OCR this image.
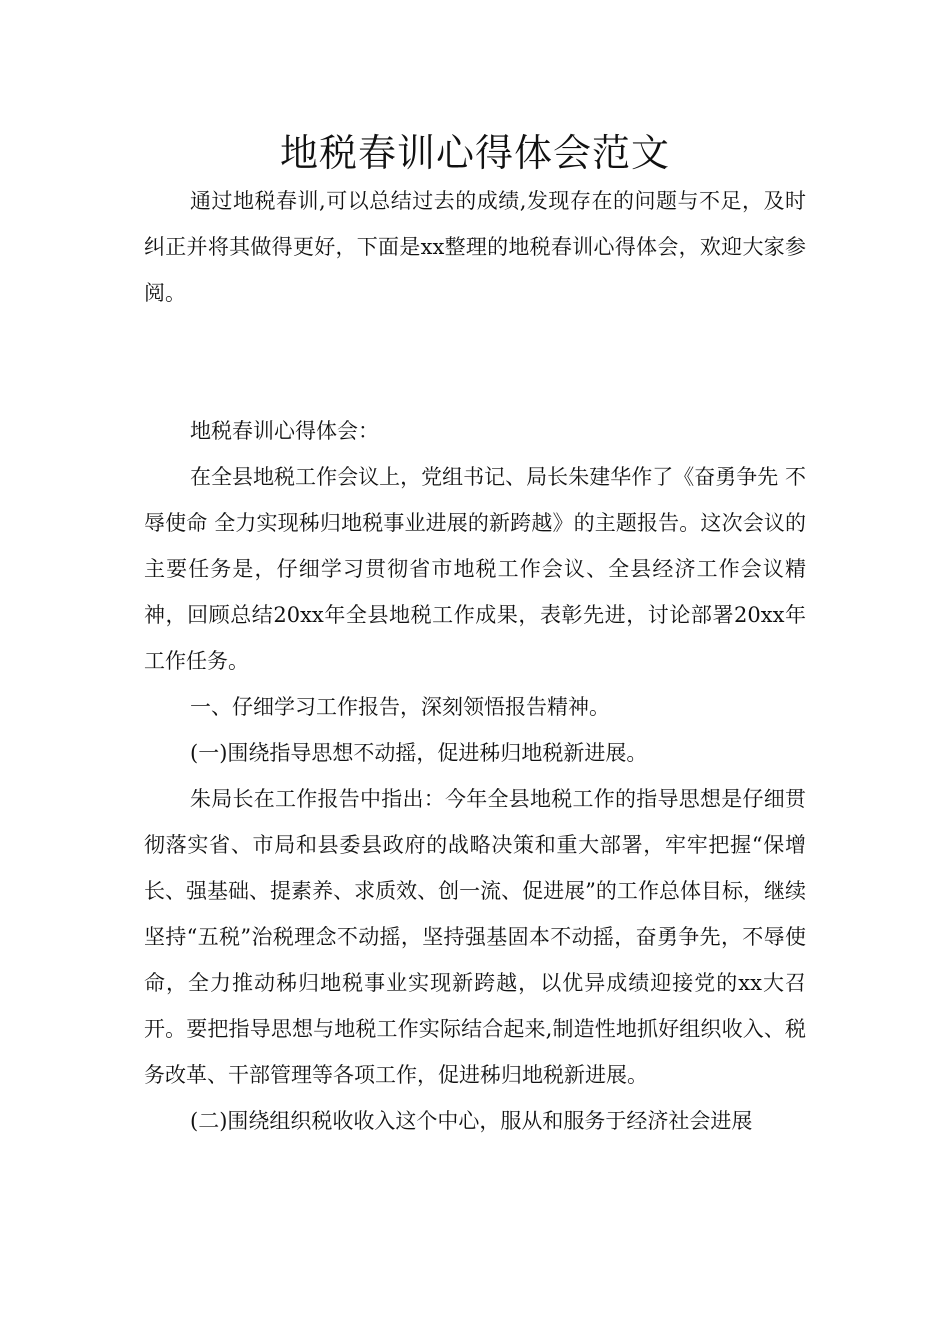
地税春训心得体会范文

通过地税春训,可以总结过去的成绩,发现存在的问题与不足，及时纠正并将其做得更好，下面是xx整理的地税春训心得体会，欢迎大家参阅。

地税春训心得体会：

在全县地税工作会议上，党组书记、局长朱建华作了《奋勇争先 不辱使命 全力实现秭归地税事业进展的新跨越》的主题报告。这次会议的主要任务是，仔细学习贯彻省市地税工作会议、全县经济工作会议精神，回顾总结20xx年全县地税工作成果，表彰先进，讨论部署20xx年工作任务。

一、仔细学习工作报告，深刻领悟报告精神。

(一)围绕指导思想不动摇，促进秭归地税新进展。

朱局长在工作报告中指出：今年全县地税工作的指导思想是仔细贯彻落实省、市局和县委县政府的战略决策和重大部署，牢牢把握“保增长、强基础、提素养、求质效、创一流、促进展”的工作总体目标，继续坚持“五税”治税理念不动摇，坚持强基固本不动摇，奋勇争先，不辱使命，全力推动秭归地税事业实现新跨越，以优异成绩迎接党的xx大召开。要把指导思想与地税工作实际结合起来,制造性地抓好组织收入、税务改革、干部管理等各项工作，促进秭归地税新进展。

(二)围绕组织税收收入这个中心，服从和服务于经济社会进展
